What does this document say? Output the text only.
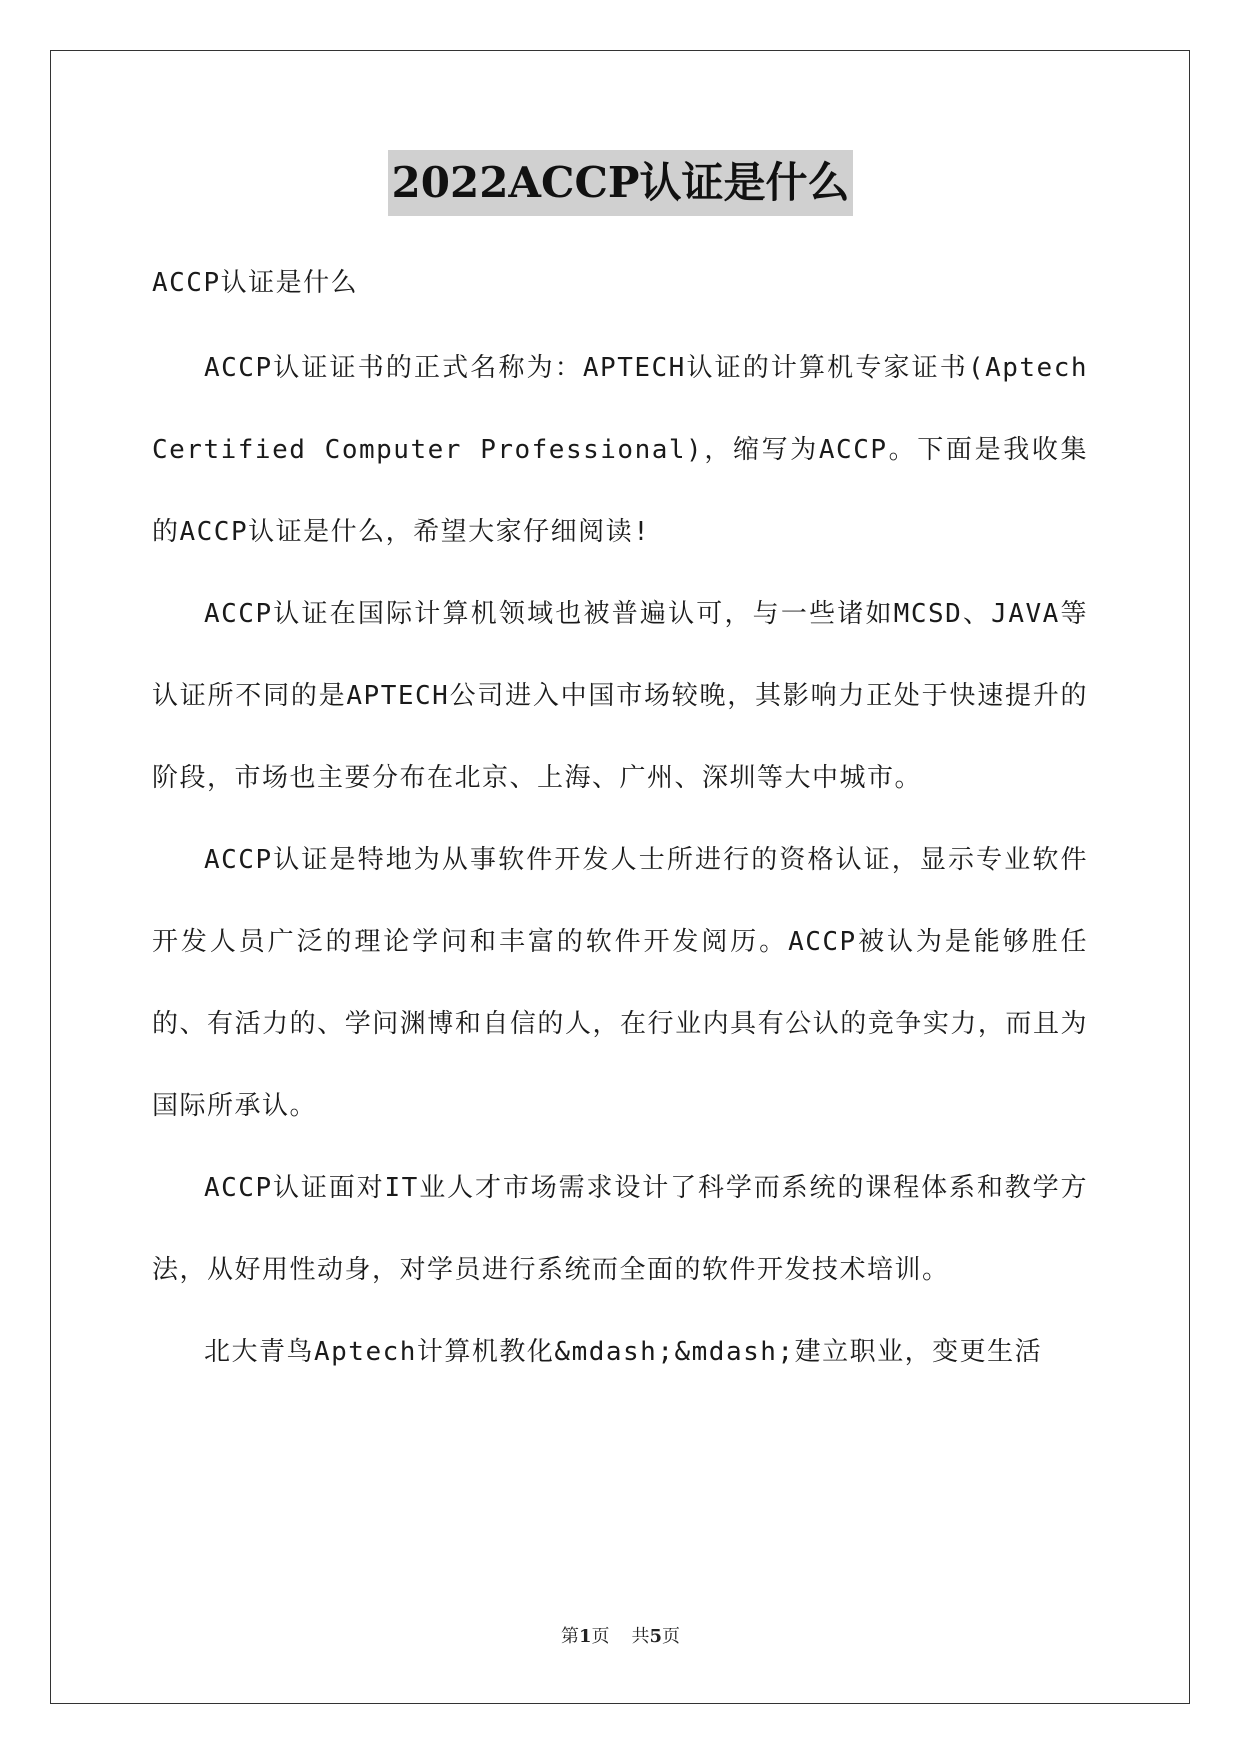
2022ACCP认证是什么

ACCP认证是什么

ACCP认证证书的正式名称为：APTECH认证的计算机专家证书(Aptech Certified Computer Professional)，缩写为ACCP。下面是我收集的ACCP认证是什么，希望大家仔细阅读!

ACCP认证在国际计算机领域也被普遍认可，与一些诸如MCSD、JAVA等认证所不同的是APTECH公司进入中国市场较晚，其影响力正处于快速提升的阶段，市场也主要分布在北京、上海、广州、深圳等大中城市。

ACCP认证是特地为从事软件开发人士所进行的资格认证，显示专业软件开发人员广泛的理论学问和丰富的软件开发阅历。ACCP被认为是能够胜任的、有活力的、学问渊博和自信的人，在行业内具有公认的竞争实力，而且为国际所承认。

ACCP认证面对IT业人才市场需求设计了科学而系统的课程体系和教学方法，从好用性动身，对学员进行系统而全面的软件开发技术培训。

北大青鸟Aptech计算机教化&mdash;&mdash;建立职业，变更生活

第1页 共5页
